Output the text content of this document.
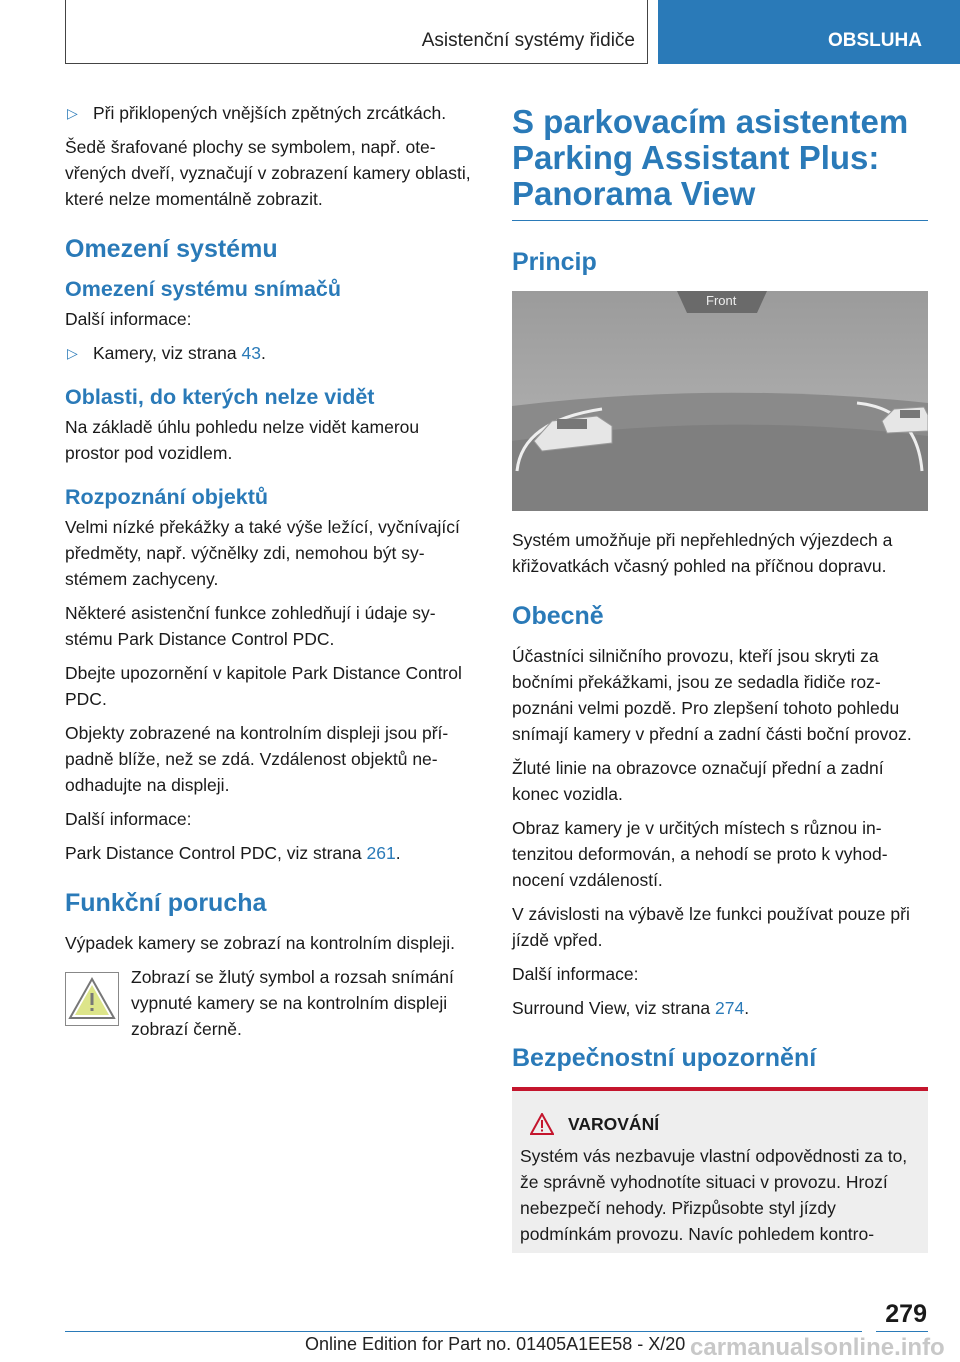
Asistenční systémy řidiče	OBSLUHA
▷ Při přiklopených vnějších zpětných zrcátkách.

Šedě šrafované plochy se symbolem, např. otevřených dveří, vyznačují v zobrazení kamery oblasti, které nelze momentálně zobrazit.

Omezení systému
Omezení systému snímačů

Další informace:

▷ Kamery, viz strana 43.
Oblasti, do kterých nelze vidět

Na základě úhlu pohledu nelze vidět kamerou prostor pod vozidlem.

Rozpoznání objektů

Velmi nízké překážky a také výše ležící, vyčnívající předměty, např. výčnělky zdi, nemohou být systémem zachyceny.

Některé asistenční funkce zohledňují i údaje systému Park Distance Control PDC.

Dbejte upozornění v kapitole Park Distance Control PDC.

Objekty zobrazené na kontrolním displeji jsou případně blíže, než se zdá. Vzdálenost objektů neodhadujte na displeji.

Další informace:

Park Distance Control PDC, viz strana 261.

Funkční porucha

Výpadek kamery se zobrazí na kontrolním displeji.

Zobrazí se žlutý symbol a rozsah snímání vypnuté kamery se na kontrolním displeji zobrazí černě.

S parkovacím asistentem Parking Assistant Plus: Panorama View
Princip
Front

Systém umožňuje při nepřehledných výjezdech a křižovatkách včasný pohled na příčnou dopravu.

Obecně

Účastníci silničního provozu, kteří jsou skryti za bočními překážkami, jsou ze sedadla řidiče rozpoznáni velmi pozdě. Pro zlepšení tohoto pohledu snímají kamery v přední a zadní části boční provoz.

Žluté linie na obrazovce označují přední a zadní konec vozidla.

Obraz kamery je v určitých místech s různou intenzitou deformován, a nehodí se proto k vyhodnocení vzdáleností.

V závislosti na výbavě lze funkci používat pouze při jízdě vpřed.

Další informace:

Surround View, viz strana 274.

Bezpečnostní upozornění
VAROVÁNÍ

Systém vás nezbavuje vlastní odpovědnosti za to, že správně vyhodnotíte situaci v provozu. Hrozí nebezpečí nehody. Přizpůsobte styl jízdy podmínkám provozu. Navíc pohledem kontro-

279
Online Edition for Part no. 01405A1EE58 - X/20 carmanualsonline.info
